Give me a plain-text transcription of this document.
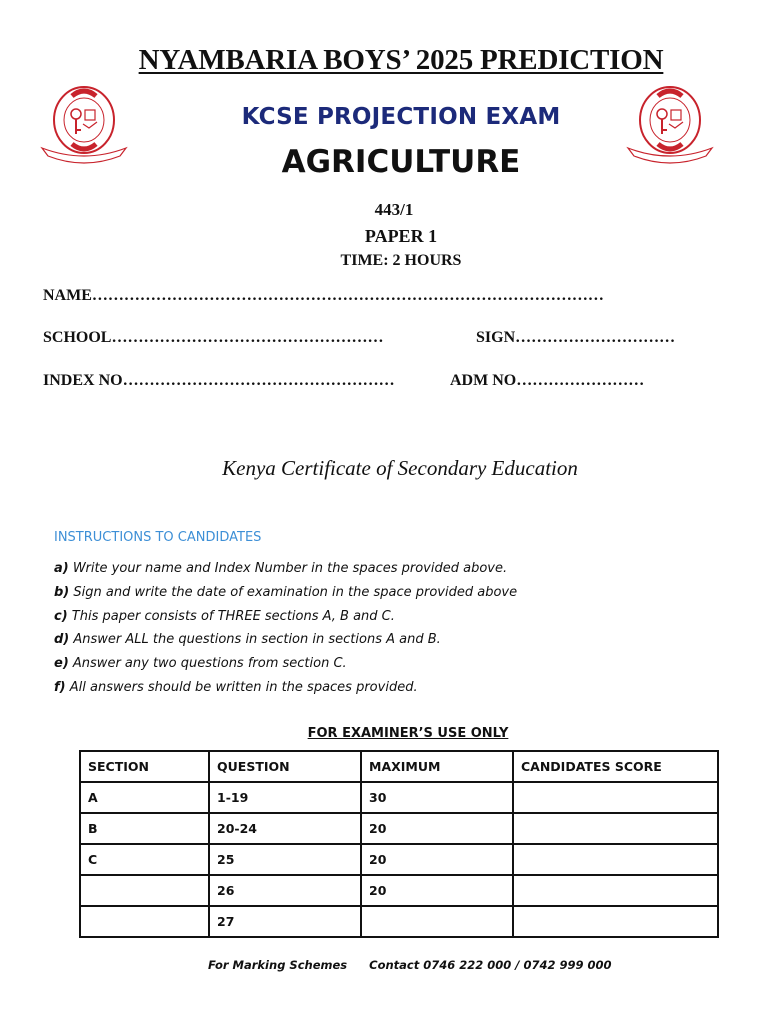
NYAMBARIA BOYS’ 2025 PREDICTION
KCSE PROJECTION EXAM
AGRICULTURE
443/1
PAPER 1
TIME: 2 HOURS
NAME……………………………………………………………………………………
SCHOOL……………………………………………	SIGN…………………………
INDEX NO……………………………………………	ADM NO……………………
Kenya Certificate of Secondary Education
INSTRUCTIONS TO CANDIDATES
a) Write your name and Index Number in the spaces provided above.
b) Sign and write the date of examination in the space provided above
c) This paper consists of THREE sections A, B and C.
d) Answer ALL the questions in section in sections A and B.
e) Answer any two questions from section C.
f) All answers should be written in the spaces provided.
FOR EXAMINER’S USE ONLY
SECTION	QUESTION	MAXIMUM	CANDIDATES SCORE
A	1-19	30	
B	20-24	20	
C	25	20	
	26	20	
	27		
For Marking Schemes Contact 0746 222 000 / 0742 999 000
